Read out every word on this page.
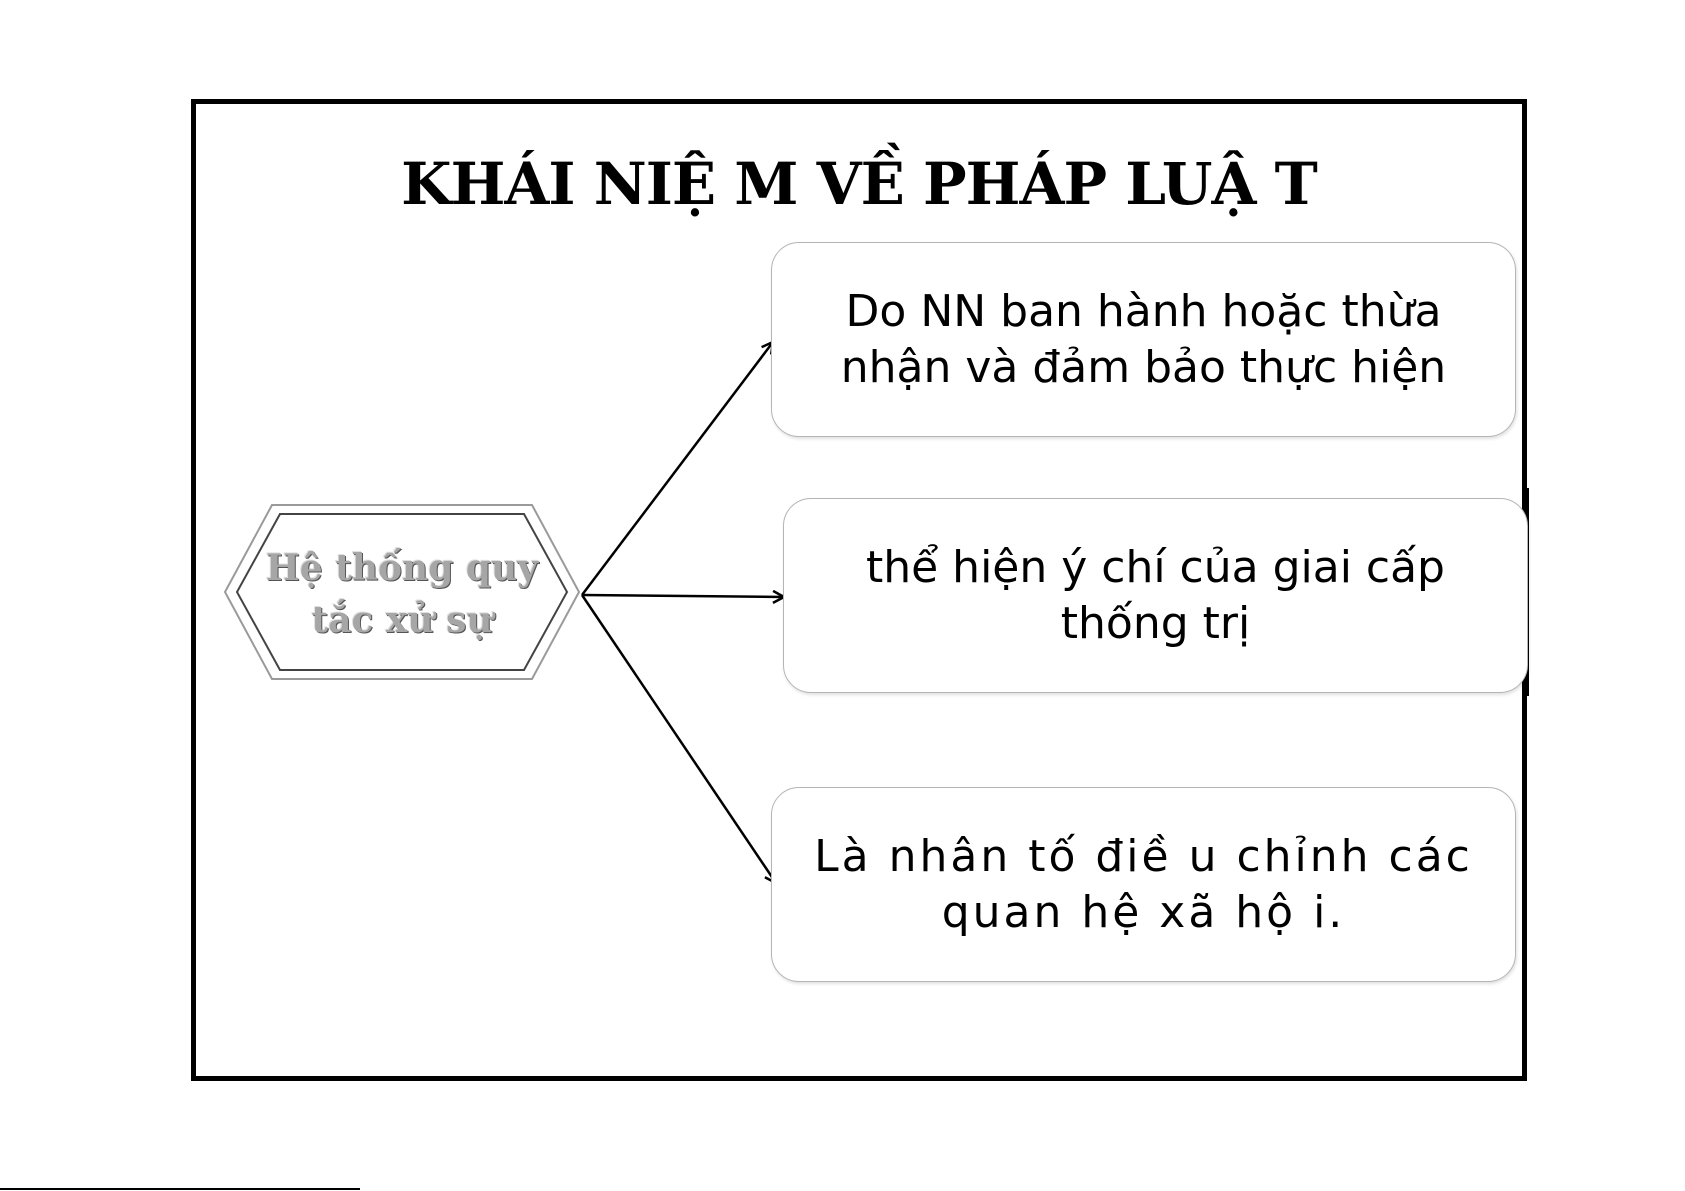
KHÁI NIỆ M VỀ PHÁP LUẬ T
Hệ thống quy
tắc xử sự
Do NN ban hành hoặc thừa
nhận và đảm bảo thực hiện
thể hiện ý chí của giai cấp
thống trị
Là nhân tố điề u chỉnh các
quan hệ xã hộ i.
